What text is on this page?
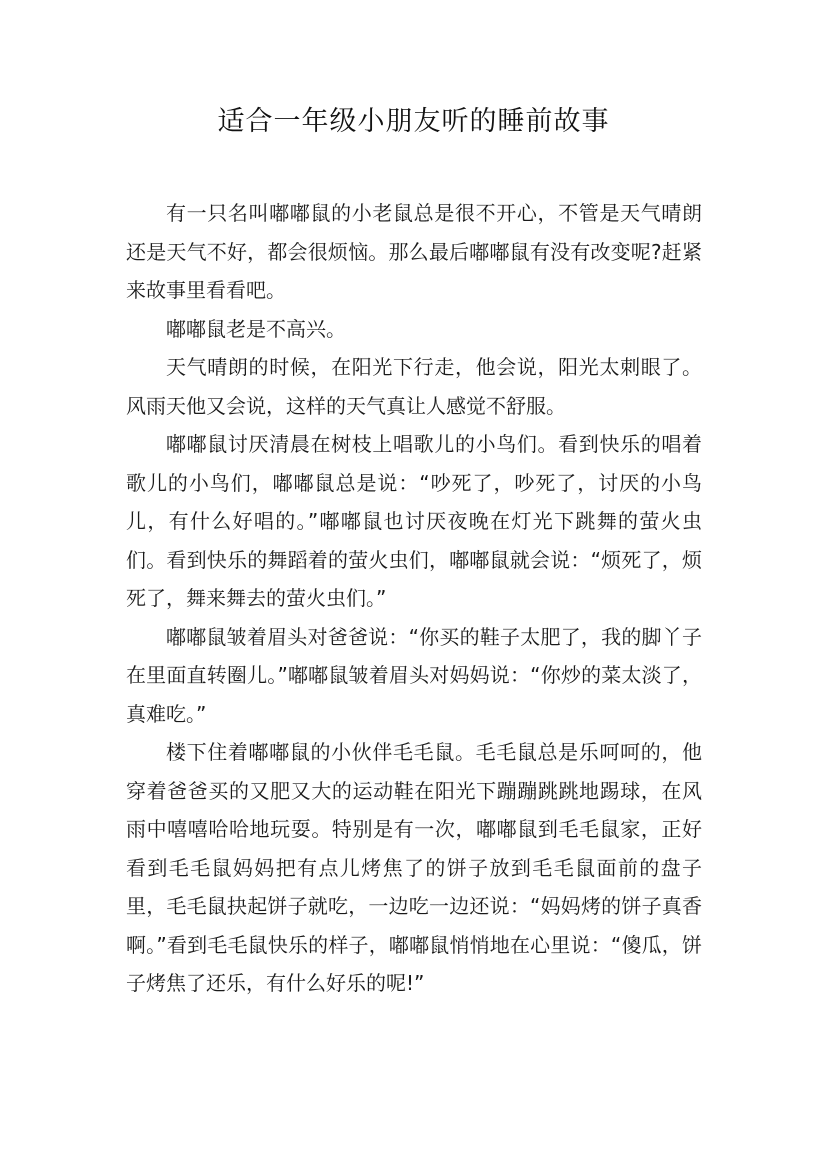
适合一年级小朋友听的睡前故事

有一只名叫嘟嘟鼠的小老鼠总是很不开心，不管是天气晴朗还是天气不好，都会很烦恼。那么最后嘟嘟鼠有没有改变呢?赶紧来故事里看看吧。

嘟嘟鼠老是不高兴。

天气晴朗的时候，在阳光下行走，他会说，阳光太刺眼了。风雨天他又会说，这样的天气真让人感觉不舒服。

嘟嘟鼠讨厌清晨在树枝上唱歌儿的小鸟们。看到快乐的唱着歌儿的小鸟们，嘟嘟鼠总是说：“吵死了，吵死了，讨厌的小鸟儿，有什么好唱的。”嘟嘟鼠也讨厌夜晚在灯光下跳舞的萤火虫们。看到快乐的舞蹈着的萤火虫们，嘟嘟鼠就会说：“烦死了，烦死了，舞来舞去的萤火虫们。”

嘟嘟鼠皱着眉头对爸爸说：“你买的鞋子太肥了，我的脚丫子在里面直转圈儿。”嘟嘟鼠皱着眉头对妈妈说：“你炒的菜太淡了，真难吃。”

楼下住着嘟嘟鼠的小伙伴毛毛鼠。毛毛鼠总是乐呵呵的，他穿着爸爸买的又肥又大的运动鞋在阳光下蹦蹦跳跳地踢球，在风雨中嘻嘻哈哈地玩耍。特别是有一次，嘟嘟鼠到毛毛鼠家，正好看到毛毛鼠妈妈把有点儿烤焦了的饼子放到毛毛鼠面前的盘子里，毛毛鼠抉起饼子就吃，一边吃一边还说：“妈妈烤的饼子真香啊。”看到毛毛鼠快乐的样子，嘟嘟鼠悄悄地在心里说：“傻瓜，饼子烤焦了还乐，有什么好乐的呢!”
